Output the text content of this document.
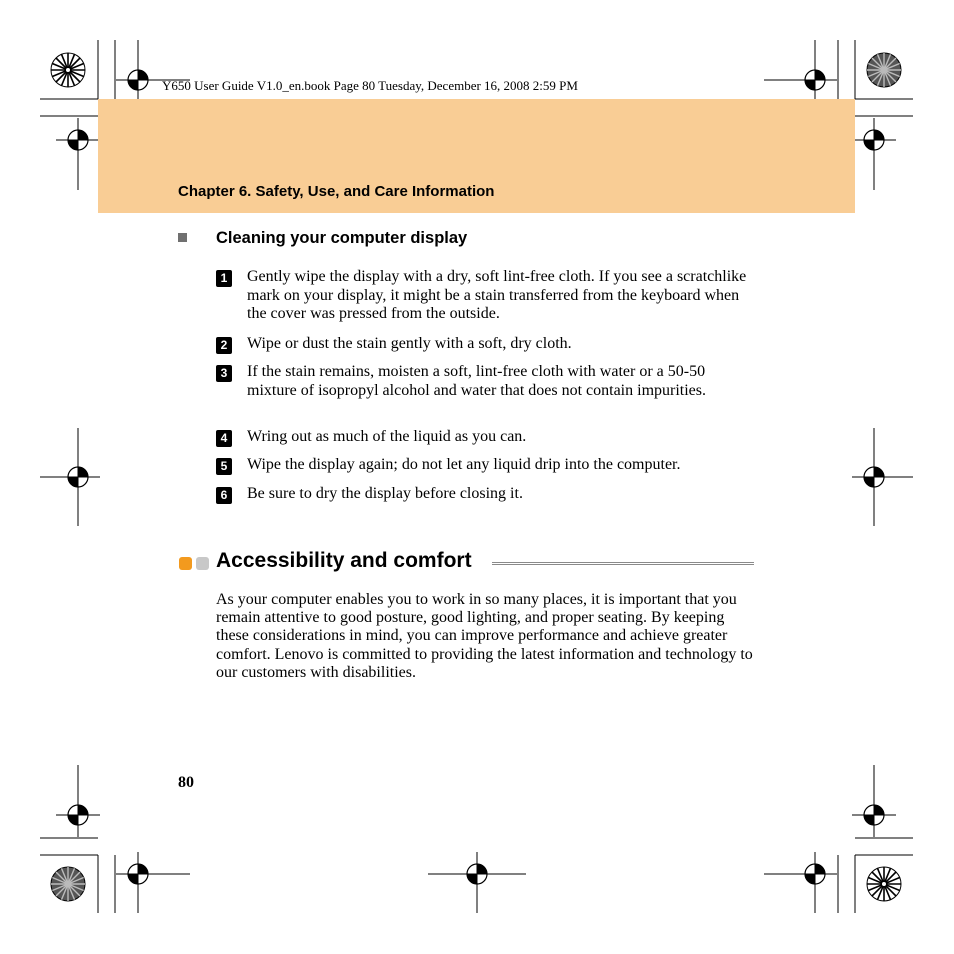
Y650 User Guide V1.0_en.book Page 80 Tuesday, December 16, 2008 2:59 PM
Chapter 6. Safety, Use, and Care Information
Cleaning your computer display
1 Gently wipe the display with a dry, soft lint-free cloth. If you see a scratchlike mark on your display, it might be a stain transferred from the keyboard when the cover was pressed from the outside.
2 Wipe or dust the stain gently with a soft, dry cloth.
3 If the stain remains, moisten a soft, lint-free cloth with water or a 50-50 mixture of isopropyl alcohol and water that does not contain impurities.
4 Wring out as much of the liquid as you can.
5 Wipe the display again; do not let any liquid drip into the computer.
6 Be sure to dry the display before closing it.
Accessibility and comfort
As your computer enables you to work in so many places, it is important that you remain attentive to good posture, good lighting, and proper seating. By keeping these considerations in mind, you can improve performance and achieve greater comfort. Lenovo is committed to providing the latest information and technology to our customers with disabilities.
80
